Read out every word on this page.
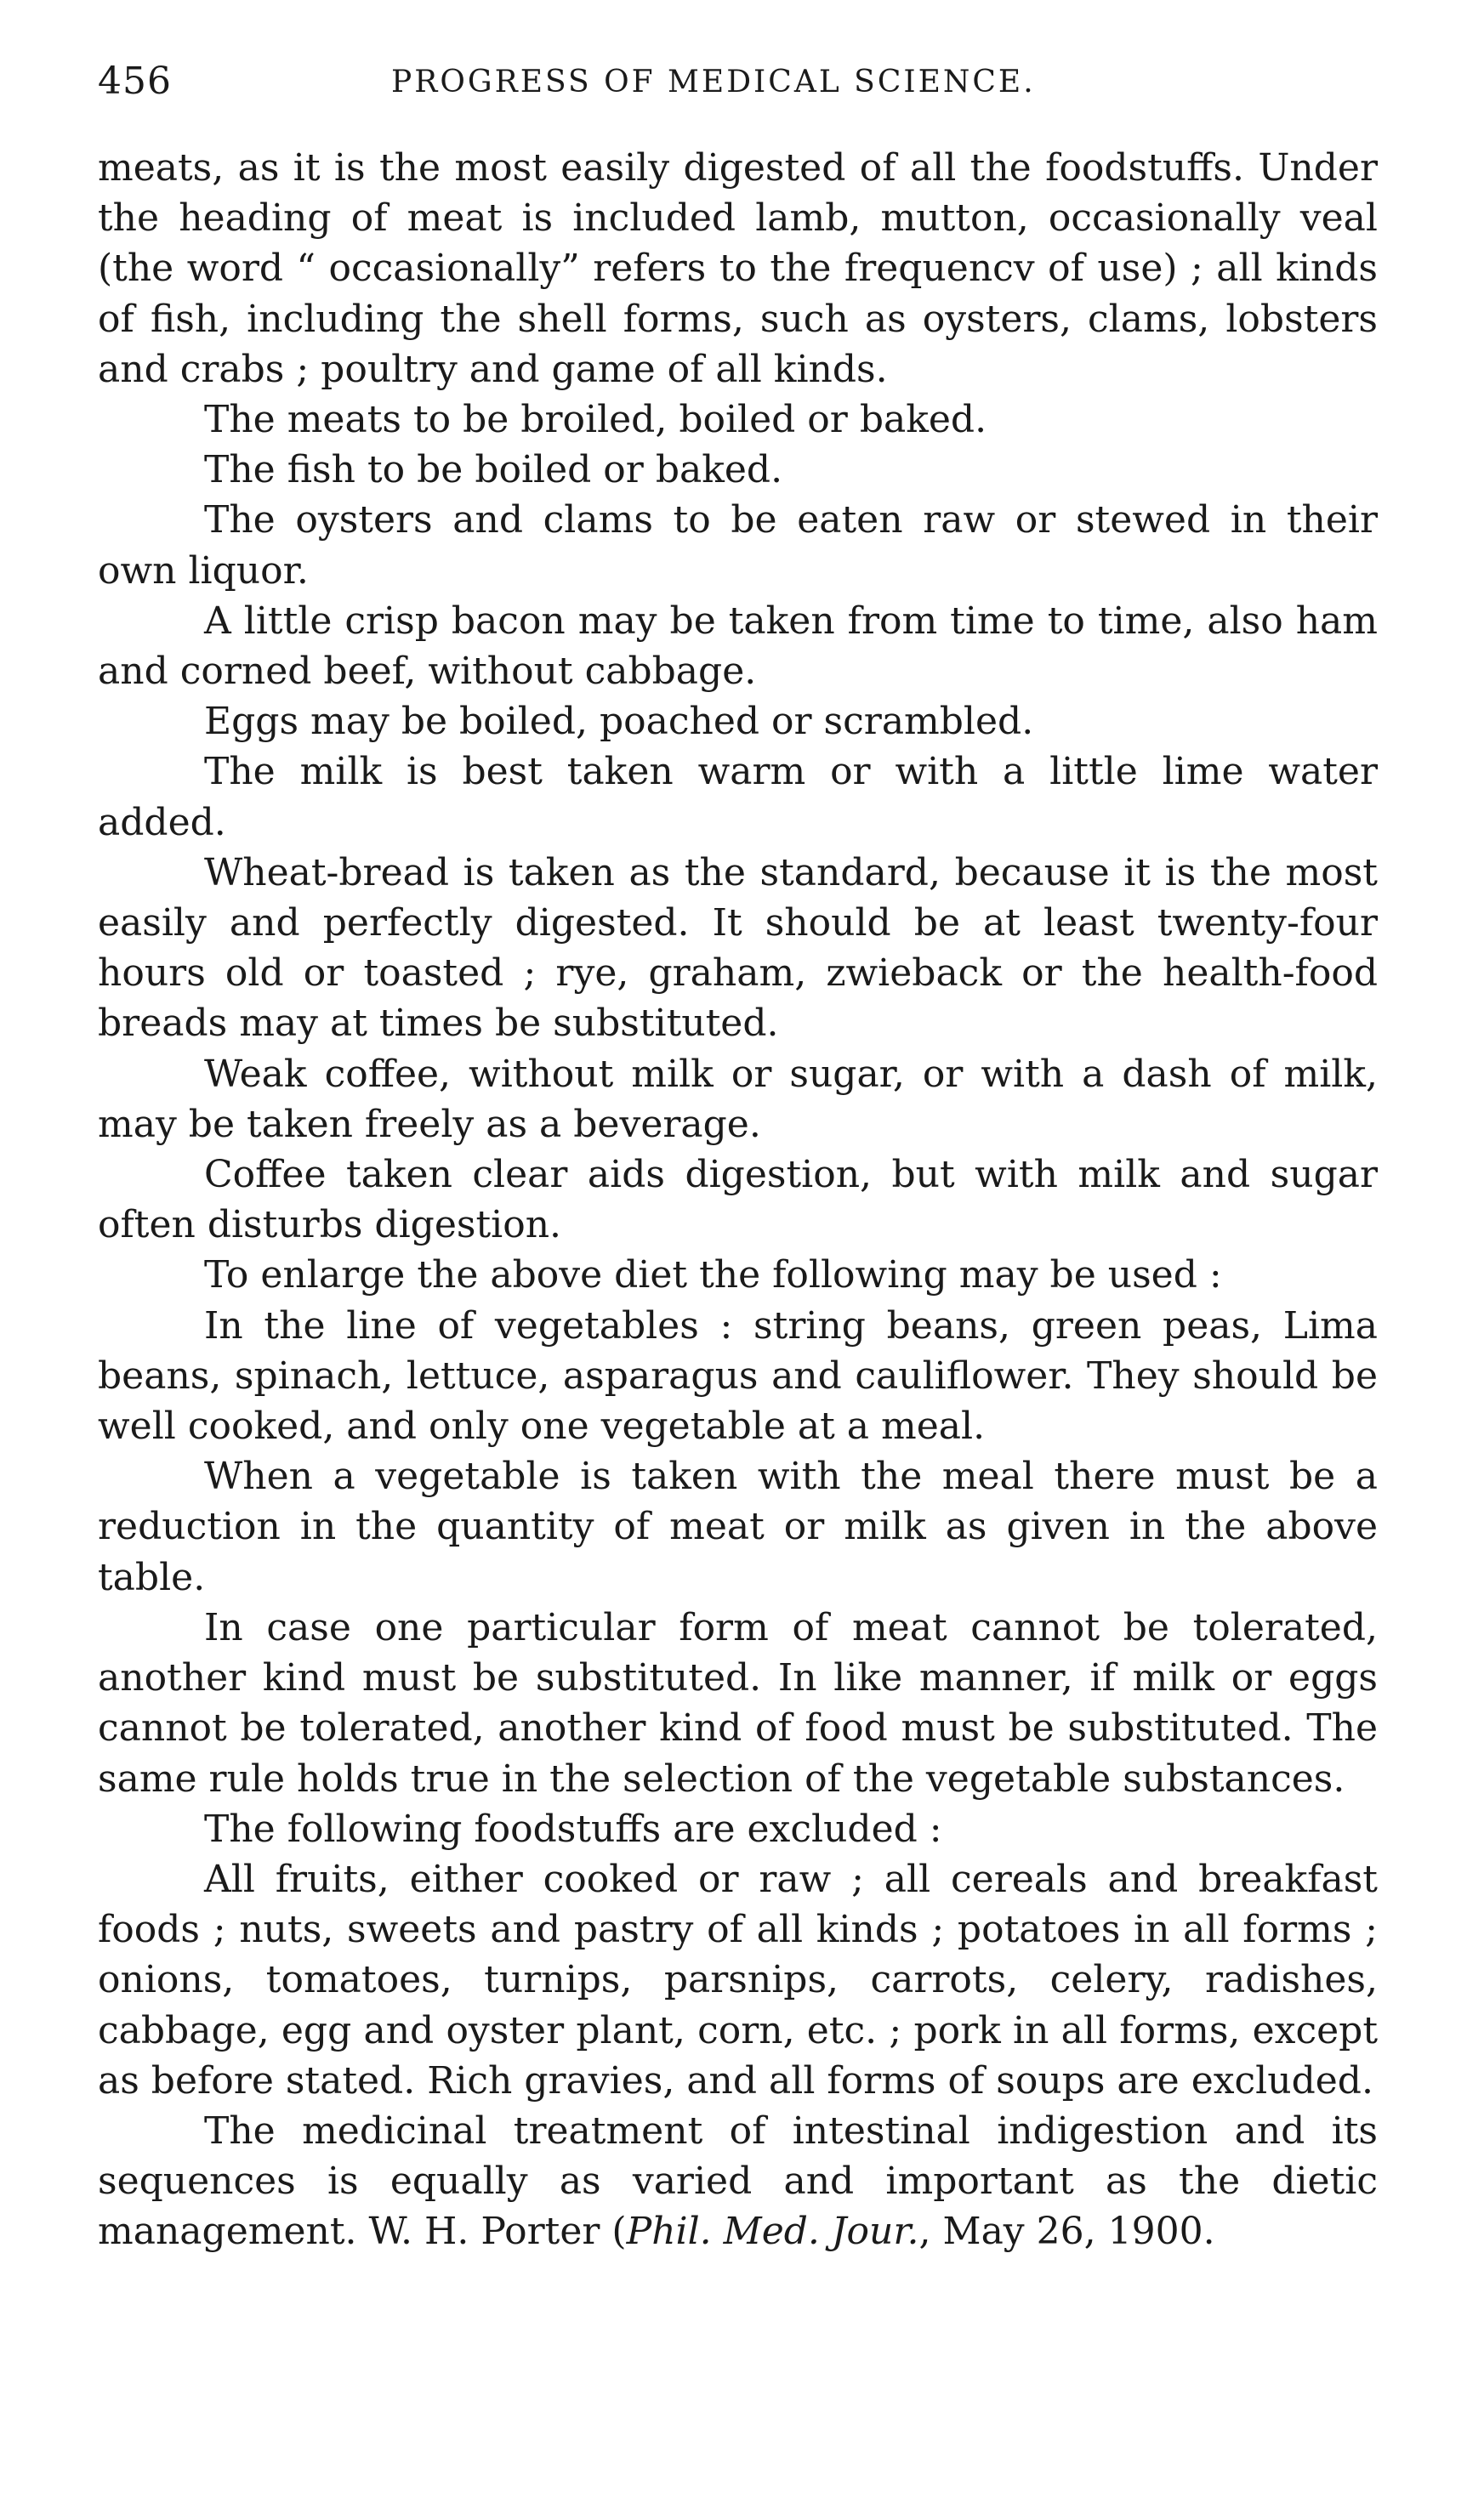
456	PROGRESS OF MEDICAL SCIENCE.

meats, as it is the most easily digested of all the foodstuffs. Under the heading of meat is included lamb, mutton, occasionally veal (the word “ occasionally” refers to the frequencv of use) ; all kinds of fish, including the shell forms, such as oysters, clams, lobsters and crabs ; poultry and game of all kinds.

The meats to be broiled, boiled or baked.

The fish to be boiled or baked.

The oysters and clams to be eaten raw or stewed in their own liquor.

A little crisp bacon may be taken from time to time, also ham and corned beef, without cabbage.

Eggs may be boiled, poached or scrambled.

The milk is best taken warm or with a little lime water added.

Wheat-bread is taken as the standard, because it is the most easily and perfectly digested. It should be at least twenty-four hours old or toasted ; rye, graham, zwieback or the health-food breads may at times be substituted.

Weak coffee, without milk or sugar, or with a dash of milk, may be taken freely as a beverage.

Coffee taken clear aids digestion, but with milk and sugar often disturbs digestion.

To enlarge the above diet the following may be used :

In the line of vegetables : string beans, green peas, Lima beans, spinach, lettuce, asparagus and cauliflower. They should be well cooked, and only one vegetable at a meal.

When a vegetable is taken with the meal there must be a reduction in the quantity of meat or milk as given in the above table.

In case one particular form of meat cannot be tolerated, another kind must be substituted. In like manner, if milk or eggs cannot be tolerated, another kind of food must be substituted. The same rule holds true in the selection of the vegetable substances.

The following foodstuffs are excluded :

All fruits, either cooked or raw ; all cereals and breakfast foods ; nuts, sweets and pastry of all kinds ; potatoes in all forms ; onions, tomatoes, turnips, parsnips, carrots, celery, radishes, cabbage, egg and oyster plant, corn, etc. ; pork in all forms, except as before stated. Rich gravies, and all forms of soups are excluded.

The medicinal treatment of intestinal indigestion and its sequences is equally as varied and important as the dietic management. W. H. Porter (Phil. Med. Jour., May 26, 1900.
